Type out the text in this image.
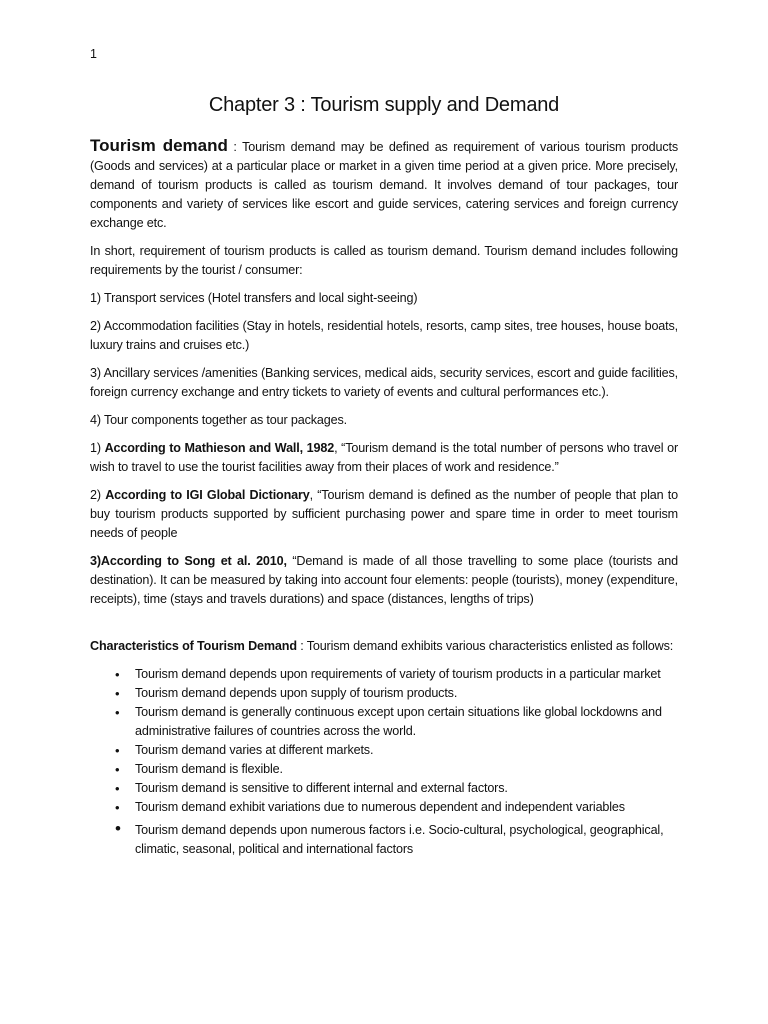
1
Chapter 3 : Tourism supply and Demand

Tourism demand : Tourism demand may be defined as requirement of various tourism products (Goods and services) at a particular place or market in a given time period at a given price. More precisely, demand of tourism products is called as tourism demand. It involves demand of tour packages, tour components and variety of services like escort and guide services, catering services and foreign currency exchange etc.

In short, requirement of tourism products is called as tourism demand. Tourism demand includes following requirements by the tourist / consumer:

1) Transport services (Hotel transfers and local sight-seeing)

2) Accommodation facilities (Stay in hotels, residential hotels, resorts, camp sites, tree houses, house boats, luxury trains and cruises etc.)

3) Ancillary services /amenities (Banking services, medical aids, security services, escort and guide facilities, foreign currency exchange and entry tickets to variety of events and cultural performances etc.).

4) Tour components together as tour packages.

1) According to Mathieson and Wall, 1982, “Tourism demand is the total number of persons who travel or wish to travel to use the tourist facilities away from their places of work and residence.”

2) According to IGI Global Dictionary, “Tourism demand is defined as the number of people that plan to buy tourism products supported by sufficient purchasing power and spare time in order to meet tourism needs of people

3)According to Song et al. 2010, “Demand is made of all those travelling to some place (tourists and destination). It can be measured by taking into account four elements: people (tourists), money (expenditure, receipts), time (stays and travels durations) and space (distances, lengths of trips)

Characteristics of Tourism Demand : Tourism demand exhibits various characteristics enlisted as follows:

• Tourism demand depends upon requirements of variety of tourism products in a particular market
• Tourism demand depends upon supply of tourism products.
• Tourism demand is generally continuous except upon certain situations like global lockdowns and administrative failures of countries across the world.
• Tourism demand varies at different markets.
• Tourism demand is flexible.
• Tourism demand is sensitive to different internal and external factors.
• Tourism demand exhibit variations due to numerous dependent and independent variables
• Tourism demand depends upon numerous factors i.e. Socio-cultural, psychological, geographical, climatic, seasonal, political and international factors
